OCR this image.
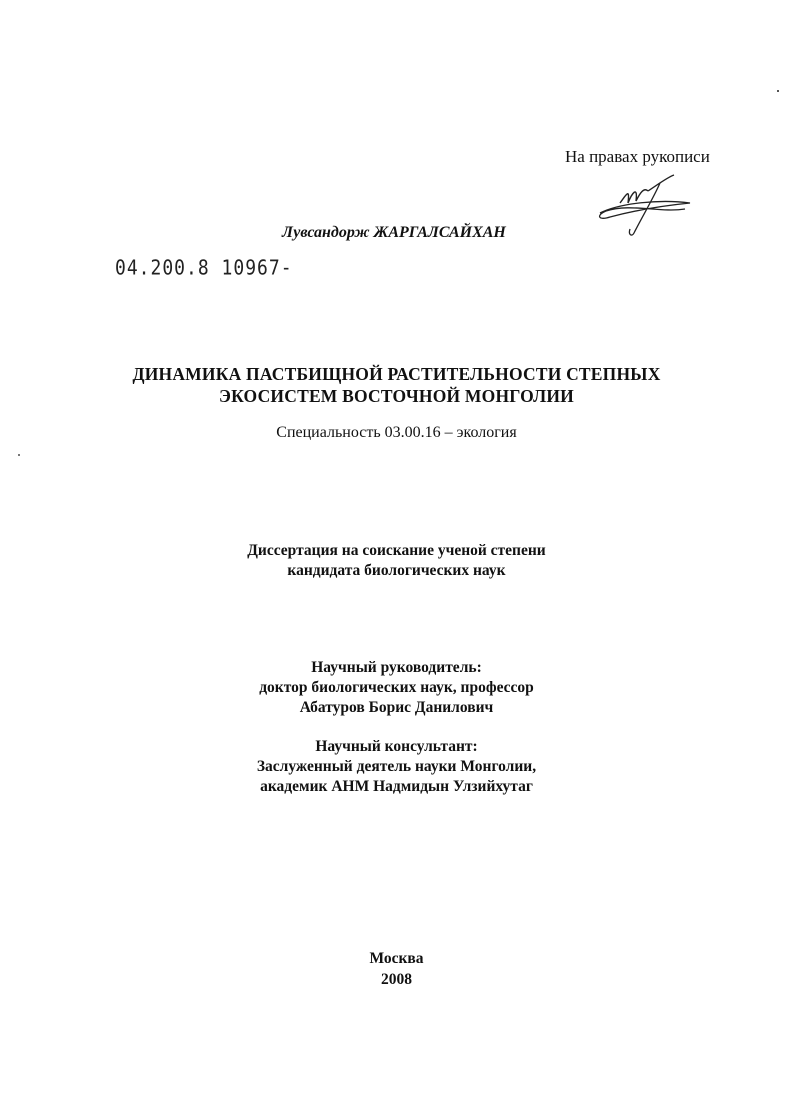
На правах рукописи
Лувсандорж ЖАРГАЛСАЙХАН
04.200.8 10967-
ДИНАМИКА ПАСТБИЩНОЙ РАСТИТЕЛЬНОСТИ СТЕПНЫХ
ЭКОСИСТЕМ ВОСТОЧНОЙ МОНГОЛИИ
Специальность 03.00.16 – экология
Диссертация на соискание ученой степени
кандидата биологических наук
Научный руководитель:
доктор биологических наук, профессор
Абатуров Борис Данилович
Научный консультант:
Заслуженный деятель науки Монголии,
академик АНМ Надмидын Улзийхутаг
Москва
2008
